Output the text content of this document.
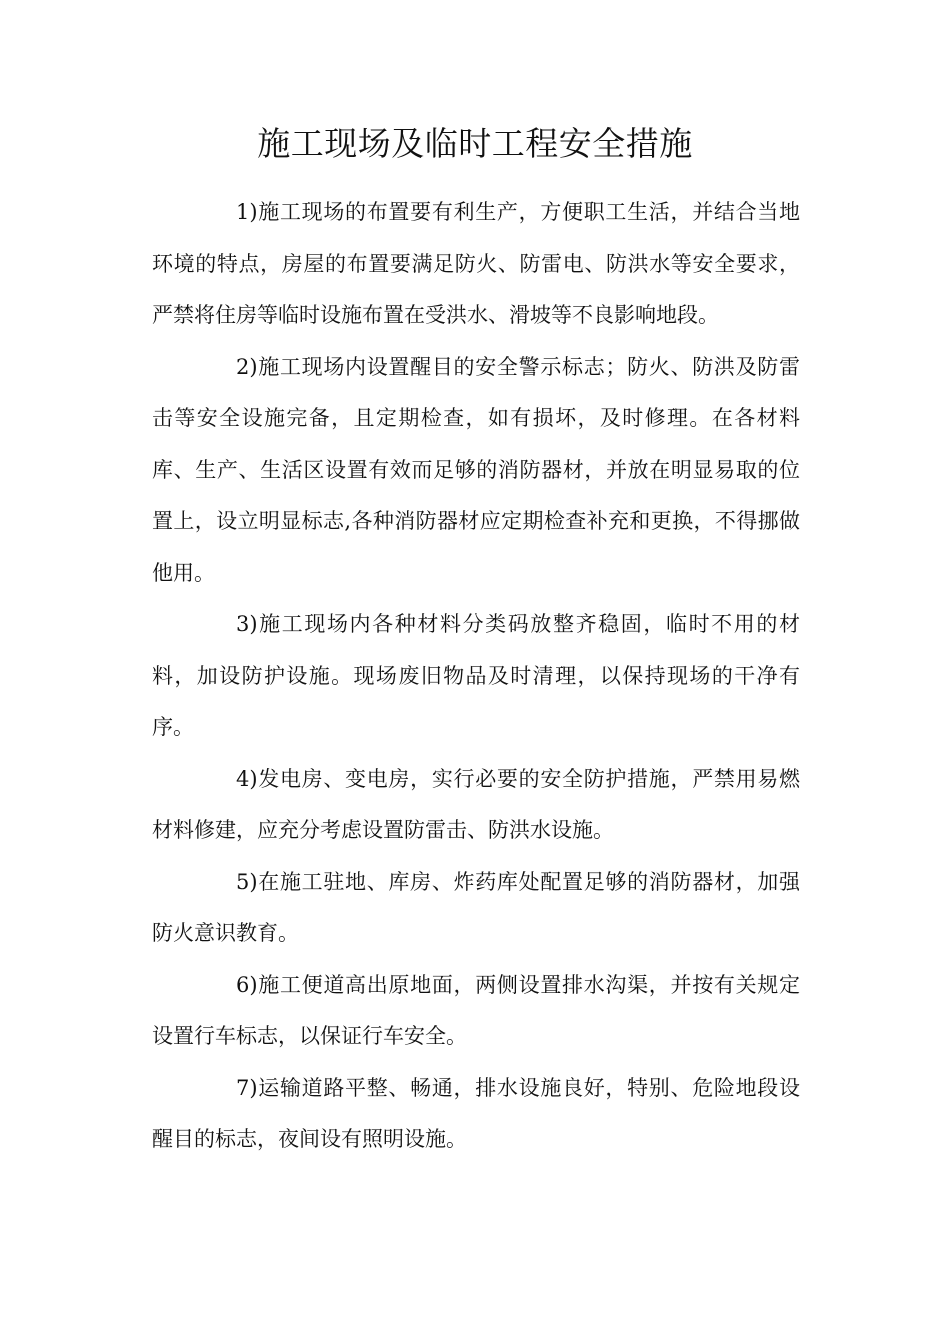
施工现场及临时工程安全措施

1)施工现场的布置要有利生产，方便职工生活，并结合当地环境的特点，房屋的布置要满足防火、防雷电、防洪水等安全要求，严禁将住房等临时设施布置在受洪水、滑坡等不良影响地段。

2)施工现场内设置醒目的安全警示标志；防火、防洪及防雷击等安全设施完备，且定期检查，如有损坏，及时修理。在各材料库、生产、生活区设置有效而足够的消防器材，并放在明显易取的位置上，设立明显标志,各种消防器材应定期检查补充和更换，不得挪做他用。

3)施工现场内各种材料分类码放整齐稳固，临时不用的材料，加设防护设施。现场废旧物品及时清理，以保持现场的干净有序。

4)发电房、变电房，实行必要的安全防护措施，严禁用易燃材料修建，应充分考虑设置防雷击、防洪水设施。

5)在施工驻地、库房、炸药库处配置足够的消防器材，加强防火意识教育。

6)施工便道高出原地面，两侧设置排水沟渠，并按有关规定设置行车标志，以保证行车安全。

7)运输道路平整、畅通，排水设施良好，特别、危险地段设醒目的标志，夜间设有照明设施。
